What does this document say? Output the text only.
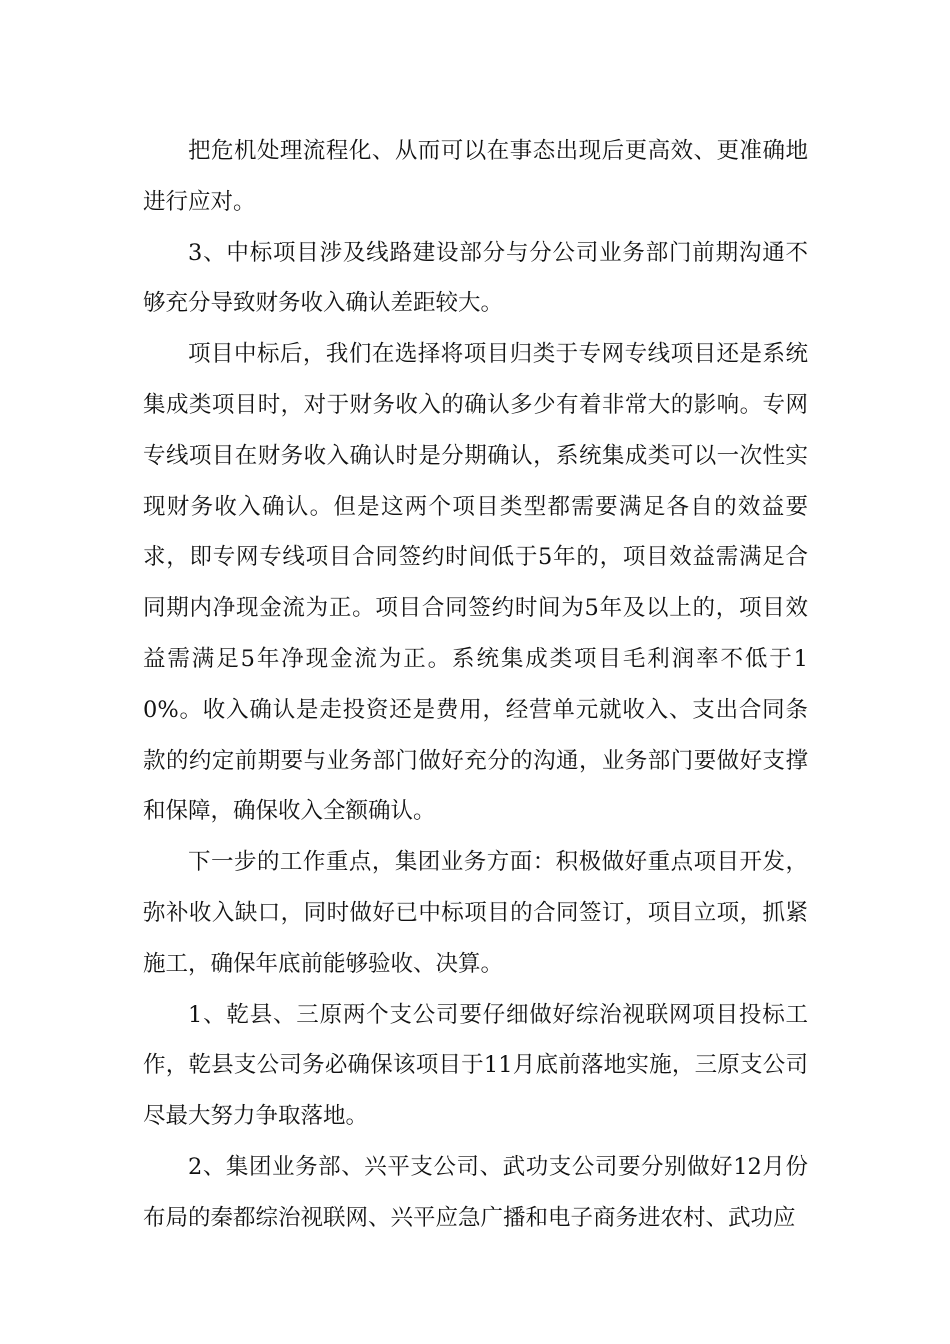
把危机处理流程化、从而可以在事态出现后更高效、更准确地进行应对。

3、中标项目涉及线路建设部分与分公司业务部门前期沟通不够充分导致财务收入确认差距较大。

项目中标后，我们在选择将项目归类于专网专线项目还是系统集成类项目时，对于财务收入的确认多少有着非常大的影响。专网专线项目在财务收入确认时是分期确认，系统集成类可以一次性实现财务收入确认。但是这两个项目类型都需要满足各自的效益要求，即专网专线项目合同签约时间低于5年的，项目效益需满足合同期内净现金流为正。项目合同签约时间为5年及以上的，项目效益需满足5年净现金流为正。系统集成类项目毛利润率不低于10%。收入确认是走投资还是费用，经营单元就收入、支出合同条款的约定前期要与业务部门做好充分的沟通，业务部门要做好支撑和保障，确保收入全额确认。

下一步的工作重点，集团业务方面：积极做好重点项目开发，弥补收入缺口，同时做好已中标项目的合同签订，项目立项，抓紧施工，确保年底前能够验收、决算。

1、乾县、三原两个支公司要仔细做好综治视联网项目投标工作，乾县支公司务必确保该项目于11月底前落地实施，三原支公司尽最大努力争取落地。

2、集团业务部、兴平支公司、武功支公司要分别做好12月份布局的秦都综治视联网、兴平应急广播和电子商务进农村、武功应
